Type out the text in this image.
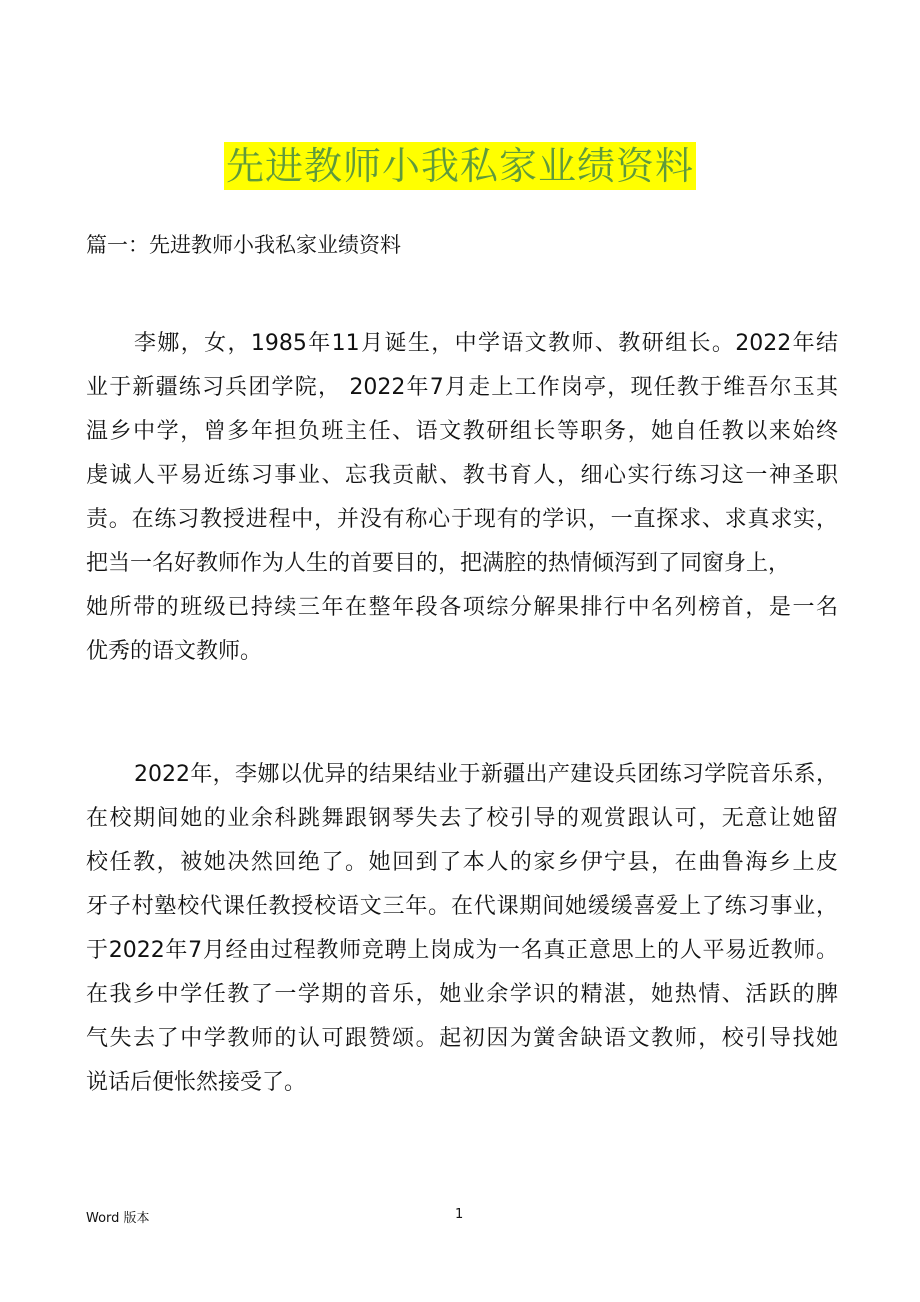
先进教师小我私家业绩资料
篇一：先进教师小我私家业绩资料
李娜，女，1985年11月诞生，中学语文教师、教研组长。2022年结
业于新疆练习兵团学院， 2022年7月走上工作岗亭，现任教于维吾尔玉其
温乡中学，曾多年担负班主任、语文教研组长等职务，她自任教以来始终
虔诚人平易近练习事业、忘我贡献、教书育人，细心实行练习这一神圣职
责。在练习教授进程中，并没有称心于现有的学识，一直探求、求真求实，
把当一名好教师作为人生的首要目的，把满腔的热情倾泻到了同窗身上，
她所带的班级已持续三年在整年段各项综分解果排行中名列榜首，是一名
优秀的语文教师。
2022年，李娜以优异的结果结业于新疆出产建设兵团练习学院音乐系，
在校期间她的业余科跳舞跟钢琴失去了校引导的观赏跟认可，无意让她留
校任教，被她决然回绝了。她回到了本人的家乡伊宁县，在曲鲁海乡上皮
牙子村塾校代课任教授校语文三年。在代课期间她缓缓喜爱上了练习事业，
于2022年7月经由过程教师竞聘上岗成为一名真正意思上的人平易近教师。
在我乡中学任教了一学期的音乐，她业余学识的精湛，她热情、活跃的脾
气失去了中学教师的认可跟赞颂。起初因为黉舍缺语文教师，校引导找她
说话后便怅然接受了。
Word 版本	1
